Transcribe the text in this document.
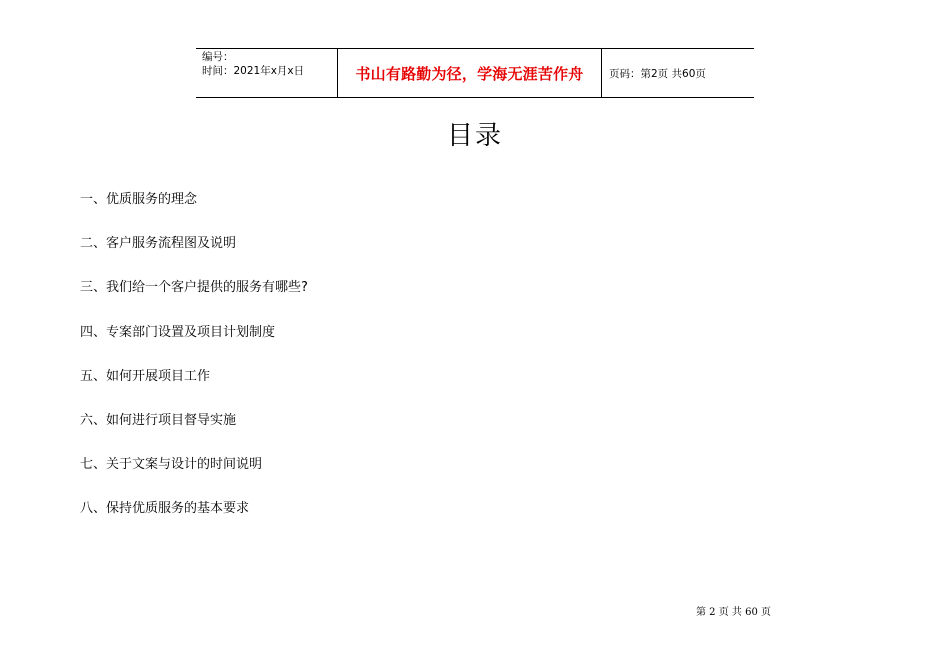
编号：
时间：2021年x月x日	书山有路勤为径，学海无涯苦作舟	页码：第2页 共60页
目录
一、优质服务的理念
二、客户服务流程图及说明
三、我们给一个客户提供的服务有哪些?
四、专案部门设置及项目计划制度
五、如何开展项目工作
六、如何进行项目督导实施
七、关于文案与设计的时间说明
八、保持优质服务的基本要求
第 2 页 共 60 页
